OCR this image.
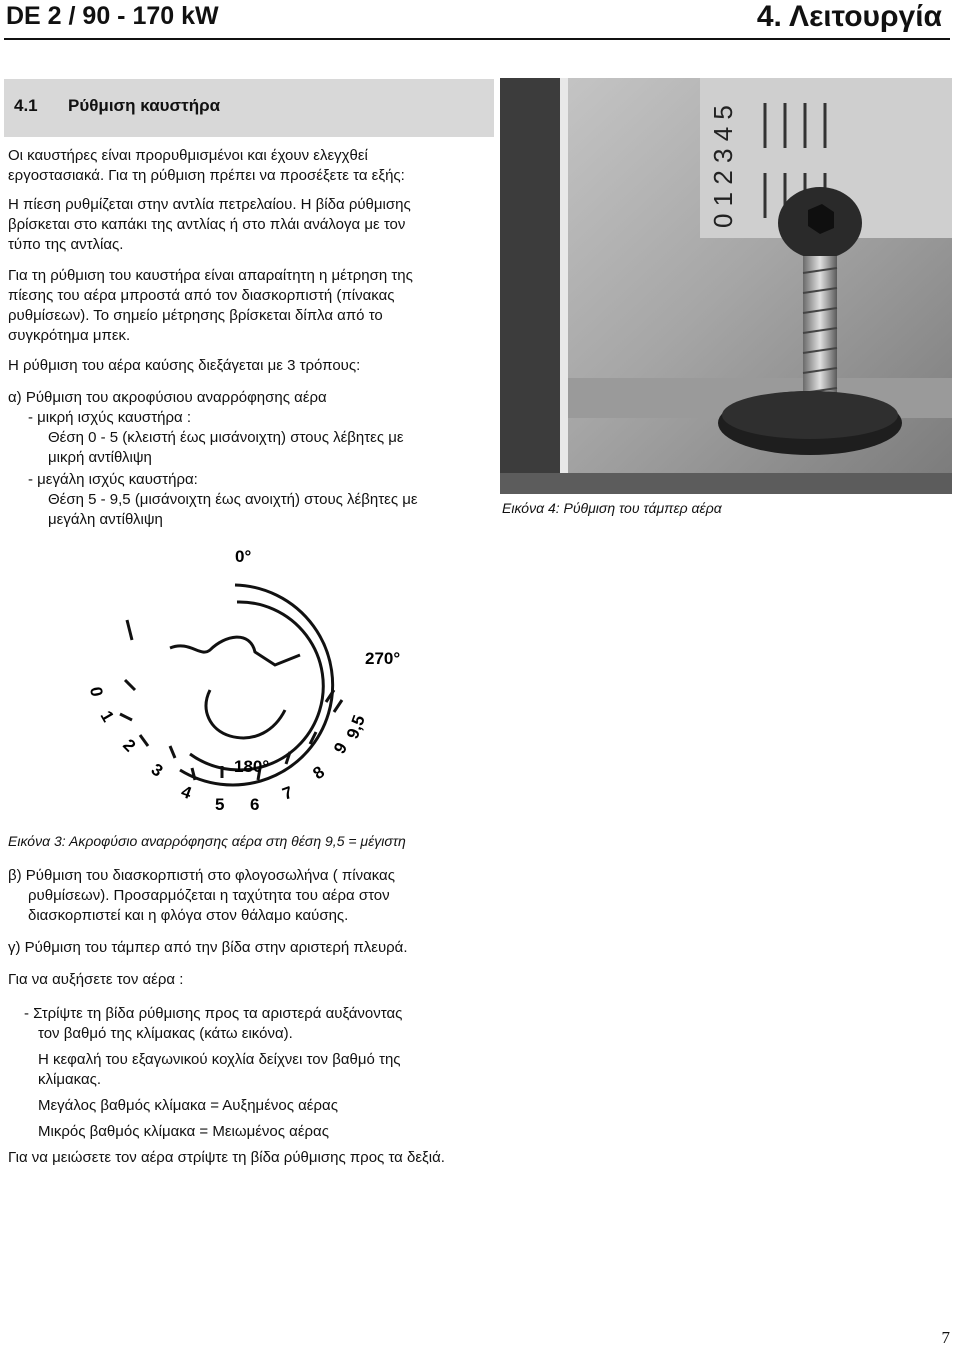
DE 2 / 90 - 170 kW	4. Λειτουργία
4.1 Ρύθμιση καυστήρα
Οι καυστήρες είναι προρυθμισμένοι και έχουν ελεγχθεί
εργοστασιακά. Για τη ρύθμιση πρέπει να προσέξετε τα εξής:
Η πίεση ρυθμίζεται στην αντλία πετρελαίου. Η βίδα ρύθμισης
βρίσκεται στο καπάκι της αντλίας ή στο πλάι ανάλογα με τον
τύπο της αντλίας.
Για τη ρύθμιση του καυστήρα είναι απαραίτητη η μέτρηση της
πίεσης του αέρα μπροστά από τον διασκορπιστή (πίνακας
ρυθμίσεων). Το σημείο μέτρησης βρίσκεται δίπλα από το
συγκρότημα μπεκ.
Η ρύθμιση του αέρα καύσης διεξάγεται με 3 τρόπους:
α) Ρύθμιση του ακροφύσιου αναρρόφησης αέρα
- μικρή ισχύς καυστήρα :
Θέση 0 - 5 (κλειστή έως μισάνοιχτη) στους λέβητες με
μικρή αντίθλιψη
- μεγάλη ισχύς καυστήρα:
Θέση 5 - 9,5 (μισάνοιχτη έως ανοιχτή) στους λέβητες με
μεγάλη αντίθλιψη
0 1 2 3 4 5
Εικόνα 4: Ρύθμιση του τάμπερ αέρα
0°
270°
180°
0
1
2
3
4
5 6
7
8
9
9,5
Εικόνα 3: Ακροφύσιο αναρρόφησης αέρα στη θέση 9,5 = μέγιστη
β) Ρύθμιση του διασκορπιστή στο φλογοσωλήνα ( πίνακας
ρυθμίσεων). Προσαρμόζεται η ταχύτητα του αέρα στον
διασκορπιστεί και η φλόγα στον θάλαμο καύσης.
γ) Ρύθμιση του τάμπερ από την βίδα στην αριστερή πλευρά.
Για να αυξήσετε τον αέρα :
- Στρίψτε τη βίδα ρύθμισης προς τα αριστερά αυξάνοντας
τον βαθμό της κλίμακας (κάτω εικόνα).
Η κεφαλή του εξαγωνικού κοχλία δείχνει τον βαθμό της
κλίμακας.
Μεγάλος βαθμός κλίμακα = Αυξημένος αέρας
Μικρός βαθμός κλίμακα = Μειωμένος αέρας
Για να μειώσετε τον αέρα στρίψτε τη βίδα ρύθμισης προς τα δεξιά.
7
